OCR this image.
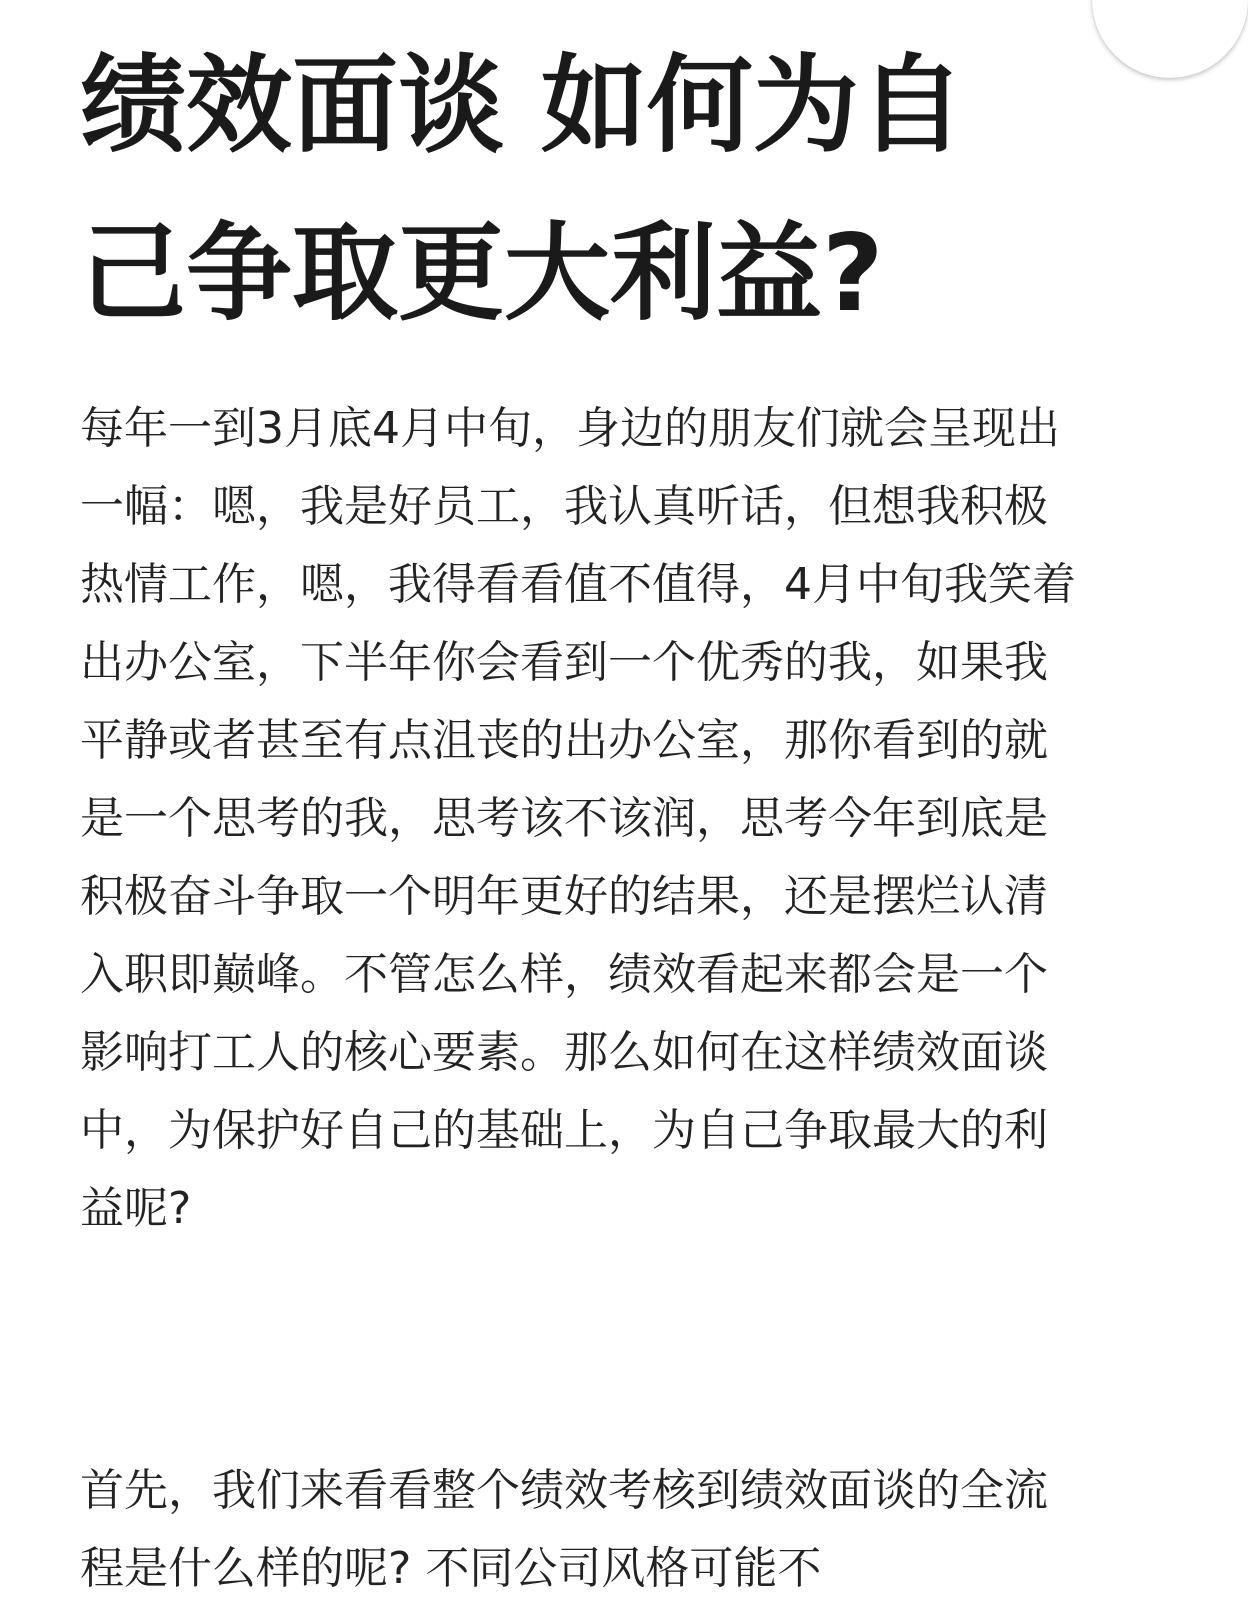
绩效面谈 如何为自己争取更大利益?

每年一到3月底4月中旬，身边的朋友们就会呈现出一幅：嗯，我是好员工，我认真听话，但想我积极热情工作，嗯，我得看看值不值得，4月中旬我笑着出办公室，下半年你会看到一个优秀的我，如果我平静或者甚至有点沮丧的出办公室，那你看到的就是一个思考的我，思考该不该润，思考今年到底是积极奋斗争取一个明年更好的结果，还是摆烂认清入职即巅峰。不管怎么样，绩效看起来都会是一个影响打工人的核心要素。那么如何在这样绩效面谈中，为保护好自己的基础上，为自己争取最大的利益呢?

首先，我们来看看整个绩效考核到绩效面谈的全流程是什么样的呢? 不同公司风格可能不
